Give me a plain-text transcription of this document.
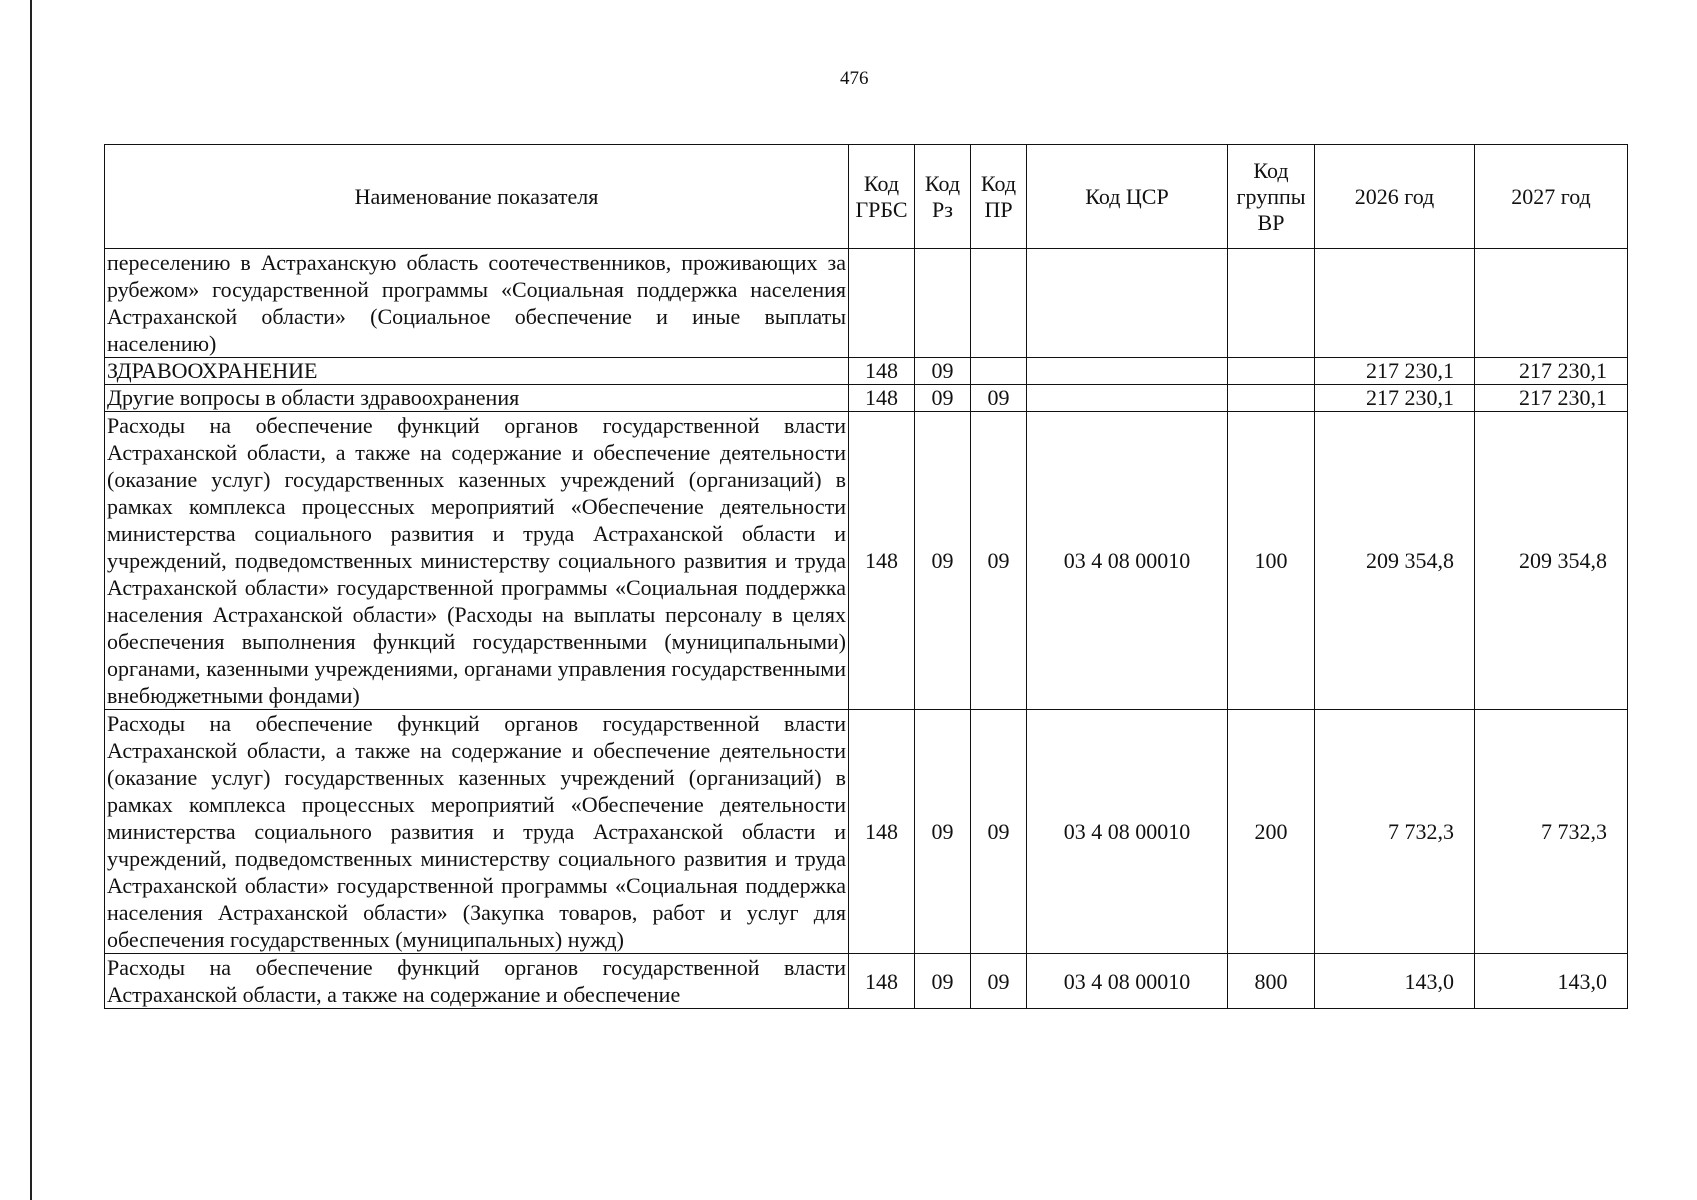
476
Наименование показателя	Код ГРБС	Код Рз	Код ПР	Код ЦСР	Код группы ВР	2026 год	2027 год
переселению в Астраханскую область соотечественников, проживающих за рубежом» государственной программы «Социальная поддержка населения Астраханской области» (Социальное обеспечение и иные выплаты населению)							
ЗДРАВООХРАНЕНИЕ	148	09				217 230,1	217 230,1
Другие вопросы в области здравоохранения	148	09	09			217 230,1	217 230,1
Расходы на обеспечение функций органов государственной власти Астраханской области, а также на содержание и обеспечение деятельности (оказание услуг) государственных казенных учреждений (организаций) в рамках комплекса процессных мероприятий «Обеспечение деятельности министерства социального развития и труда Астраханской области и учреждений, подведомственных министерству социального развития и труда Астраханской области» государственной программы «Социальная поддержка населения Астраханской области» (Расходы на выплаты персоналу в целях обеспечения выполнения функций государственными (муниципальными) органами, казенными учреждениями, органами управления государственными внебюджетными фондами)	148	09	09	03 4 08 00010	100	209 354,8	209 354,8
Расходы на обеспечение функций органов государственной власти Астраханской области, а также на содержание и обеспечение деятельности (оказание услуг) государственных казенных учреждений (организаций) в рамках комплекса процессных мероприятий «Обеспечение деятельности министерства социального развития и труда Астраханской области и учреждений, подведомственных министерству социального развития и труда Астраханской области» государственной программы «Социальная поддержка населения Астраханской области» (Закупка товаров, работ и услуг для обеспечения государственных (муниципальных) нужд)	148	09	09	03 4 08 00010	200	7 732,3	7 732,3
Расходы на обеспечение функций органов государственной власти Астраханской области, а также на содержание и обеспечение	148	09	09	03 4 08 00010	800	143,0	143,0
